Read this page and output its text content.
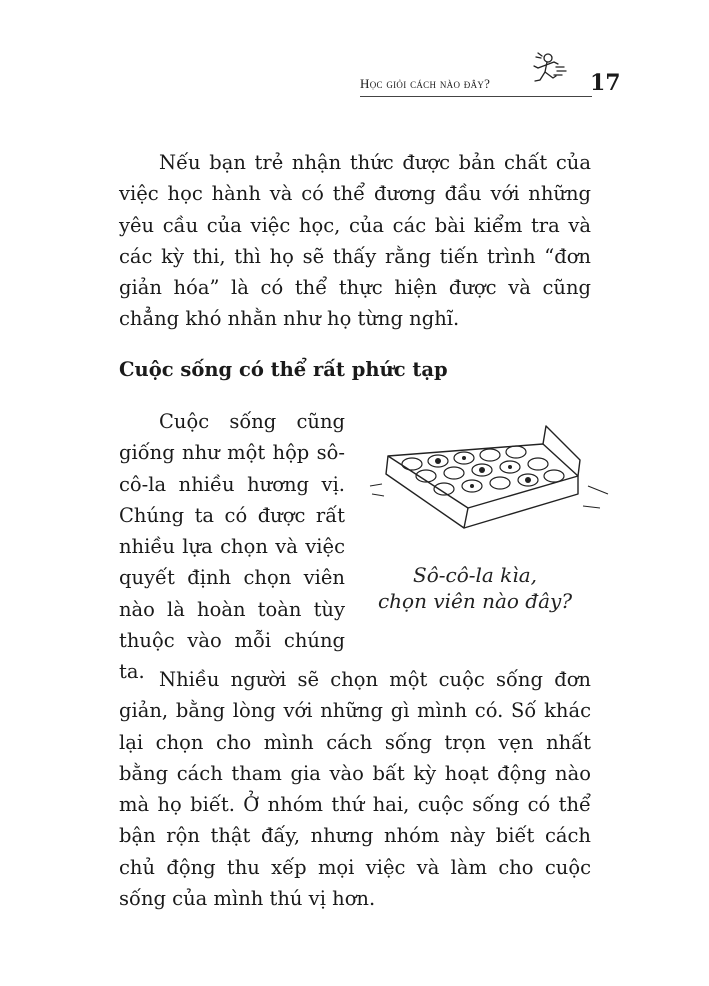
Học giỏi cách nào đây?	17

Nếu bạn trẻ nhận thức được bản chất của việc học hành và có thể đương đầu với những yêu cầu của việc học, của các bài kiểm tra và các kỳ thi, thì họ sẽ thấy rằng tiến trình “đơn giản hóa” là có thể thực hiện được và cũng chẳng khó nhằn như họ từng nghĩ.

Cuộc sống có thể rất phức tạp

Cuộc sống cũng giống như một hộp sô-cô-la nhiều hương vị. Chúng ta có được rất nhiều lựa chọn và việc quyết định chọn viên nào là hoàn toàn tùy thuộc vào mỗi chúng ta.

Sô-cô-la kìa,
chọn viên nào đây?

Nhiều người sẽ chọn một cuộc sống đơn giản, bằng lòng với những gì mình có. Số khác lại chọn cho mình cách sống trọn vẹn nhất bằng cách tham gia vào bất kỳ hoạt động nào mà họ biết. Ở nhóm thứ hai, cuộc sống có thể bận rộn thật đấy, nhưng nhóm này biết cách chủ động thu xếp mọi việc và làm cho cuộc sống của mình thú vị hơn.
